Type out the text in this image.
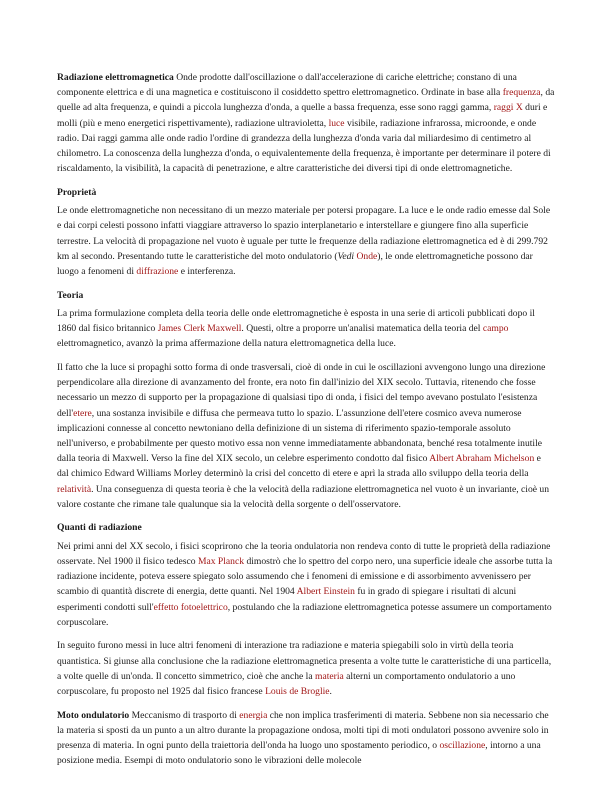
Radiazione elettromagnetica Onde prodotte dall'oscillazione o dall'accelerazione di cariche elettriche; constano di una componente elettrica e di una magnetica e costituiscono il cosiddetto spettro elettromagnetico. Ordinate in base alla frequenza, da quelle ad alta frequenza, e quindi a piccola lunghezza d'onda, a quelle a bassa frequenza, esse sono raggi gamma, raggi X duri e molli (più e meno energetici rispettivamente), radiazione ultravioletta, luce visibile, radiazione infrarossa, microonde, e onde radio. Dai raggi gamma alle onde radio l'ordine di grandezza della lunghezza d'onda varia dal miliardesimo di centimetro al chilometro. La conoscenza della lunghezza d'onda, o equivalentemente della frequenza, è importante per determinare il potere di riscaldamento, la visibilità, la capacità di penetrazione, e altre caratteristiche dei diversi tipi di onde elettromagnetiche.

Proprietà

Le onde elettromagnetiche non necessitano di un mezzo materiale per potersi propagare. La luce e le onde radio emesse dal Sole e dai corpi celesti possono infatti viaggiare attraverso lo spazio interplanetario e interstellare e giungere fino alla superficie terrestre. La velocità di propagazione nel vuoto è uguale per tutte le frequenze della radiazione elettromagnetica ed è di 299.792 km al secondo. Presentando tutte le caratteristiche del moto ondulatorio (Vedi Onde), le onde elettromagnetiche possono dar luogo a fenomeni di diffrazione e interferenza.

Teoria

La prima formulazione completa della teoria delle onde elettromagnetiche è esposta in una serie di articoli pubblicati dopo il 1860 dal fisico britannico James Clerk Maxwell. Questi, oltre a proporre un'analisi matematica della teoria del campo elettromagnetico, avanzò la prima affermazione della natura elettromagnetica della luce.

Il fatto che la luce si propaghi sotto forma di onde trasversali, cioè di onde in cui le oscillazioni avvengono lungo una direzione perpendicolare alla direzione di avanzamento del fronte, era noto fin dall'inizio del XIX secolo. Tuttavia, ritenendo che fosse necessario un mezzo di supporto per la propagazione di qualsiasi tipo di onda, i fisici del tempo avevano postulato l'esistenza dell'etere, una sostanza invisibile e diffusa che permeava tutto lo spazio. L'assunzione dell'etere cosmico aveva numerose implicazioni connesse al concetto newtoniano della definizione di un sistema di riferimento spazio-temporale assoluto nell'universo, e probabilmente per questo motivo essa non venne immediatamente abbandonata, benché resa totalmente inutile dalla teoria di Maxwell. Verso la fine del XIX secolo, un celebre esperimento condotto dal fisico Albert Abraham Michelson e dal chimico Edward Williams Morley determinò la crisi del concetto di etere e aprì la strada allo sviluppo della teoria della relatività. Una conseguenza di questa teoria è che la velocità della radiazione elettromagnetica nel vuoto è un invariante, cioè un valore costante che rimane tale qualunque sia la velocità della sorgente o dell'osservatore.

Quanti di radiazione

Nei primi anni del XX secolo, i fisici scoprirono che la teoria ondulatoria non rendeva conto di tutte le proprietà della radiazione osservate. Nel 1900 il fisico tedesco Max Planck dimostrò che lo spettro del corpo nero, una superficie ideale che assorbe tutta la radiazione incidente, poteva essere spiegato solo assumendo che i fenomeni di emissione e di assorbimento avvenissero per scambio di quantità discrete di energia, dette quanti. Nel 1904 Albert Einstein fu in grado di spiegare i risultati di alcuni esperimenti condotti sull'effetto fotoelettrico, postulando che la radiazione elettromagnetica potesse assumere un comportamento corpuscolare.

In seguito furono messi in luce altri fenomeni di interazione tra radiazione e materia spiegabili solo in virtù della teoria quantistica. Si giunse alla conclusione che la radiazione elettromagnetica presenta a volte tutte le caratteristiche di una particella, a volte quelle di un'onda. Il concetto simmetrico, cioè che anche la materia alterni un comportamento ondulatorio a uno corpuscolare, fu proposto nel 1925 dal fisico francese Louis de Broglie.

Moto ondulatorio Meccanismo di trasporto di energia che non implica trasferimenti di materia. Sebbene non sia necessario che la materia si sposti da un punto a un altro durante la propagazione ondosa, molti tipi di moti ondulatori possono avvenire solo in presenza di materia. In ogni punto della traiettoria dell'onda ha luogo uno spostamento periodico, o oscillazione, intorno a una posizione media. Esempi di moto ondulatorio sono le vibrazioni delle molecole
